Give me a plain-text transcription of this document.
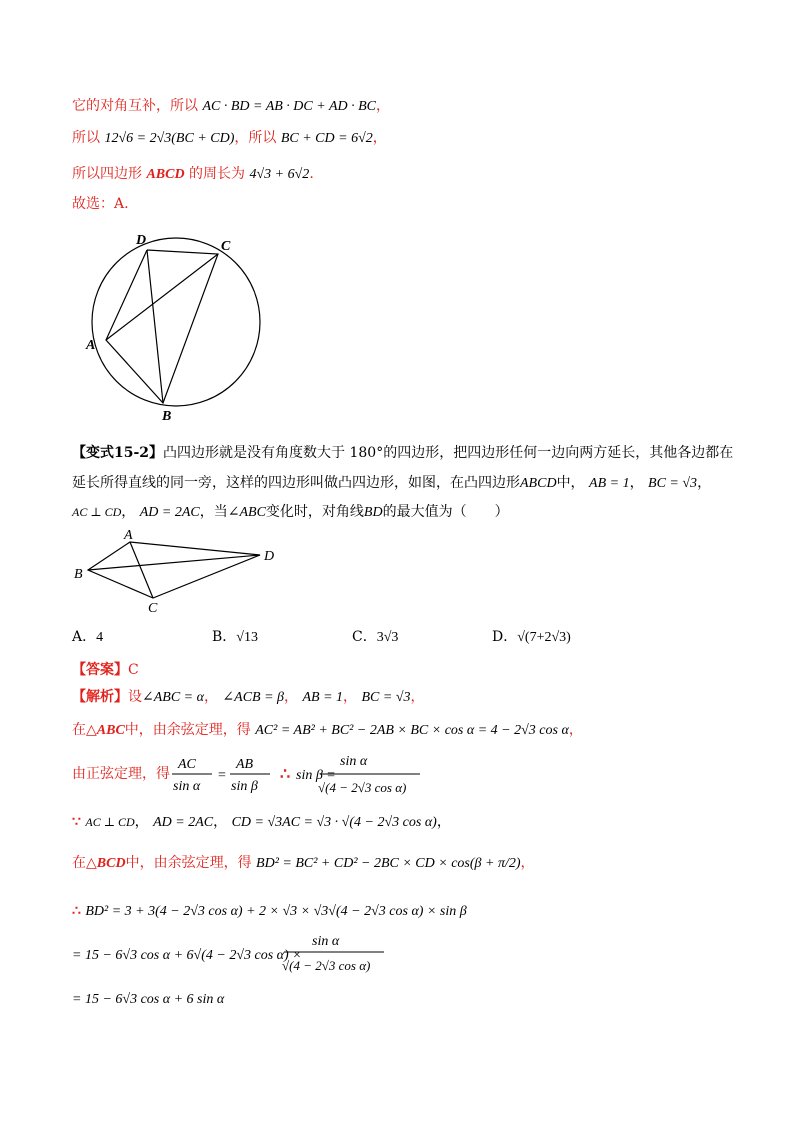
它的对角互补，所以 AC · BD = AB · DC + AD · BC，
所以 12√6 = 2√3(BC + CD)，所以 BC + CD = 6√2，
所以四边形 ABCD 的周长为 4√3 + 6√2.
故选：A.
D	C
A
B
【变式15-2】凸四边形就是没有角度数大于 180°的四边形，把四边形任何一边向两方延长，其他各边都在
延长所得直线的同一旁，这样的四边形叫做凸四边形，如图，在凸四边形ABCD中， AB = 1， BC = √3，
AC ⊥ CD， AD = 2AC，当∠ABC变化时，对角线BD的最大值为（　　）
A
B
C
D
A．4	B．√13	C．3√3	D．√(7+2√3)
【答案】C
【解析】设∠ABC = α， ∠ACB = β， AB = 1， BC = √3，
在△ABC中，由余弦定理，得 AC² = AB² + BC² − 2AB × BC × cos α = 4 − 2√3 cos α，
由正弦定理，得
AC
sin α
=
AB
sin β
∴ sin β =
sin α
√(4 − 2√3 cos α)
∵ AC ⊥ CD， AD = 2AC， CD = √3AC = √3 · √(4 − 2√3 cos α)，
在△BCD中，由余弦定理，得 BD² = BC² + CD² − 2BC × CD × cos(β + π/2)，
∴ BD² = 3 + 3(4 − 2√3 cos α) + 2 × √3 × √3√(4 − 2√3 cos α) × sin β
= 15 − 6√3 cos α + 6√(4 − 2√3 cos α) ×
sin α
√(4 − 2√3 cos α)
= 15 − 6√3 cos α + 6 sin α
